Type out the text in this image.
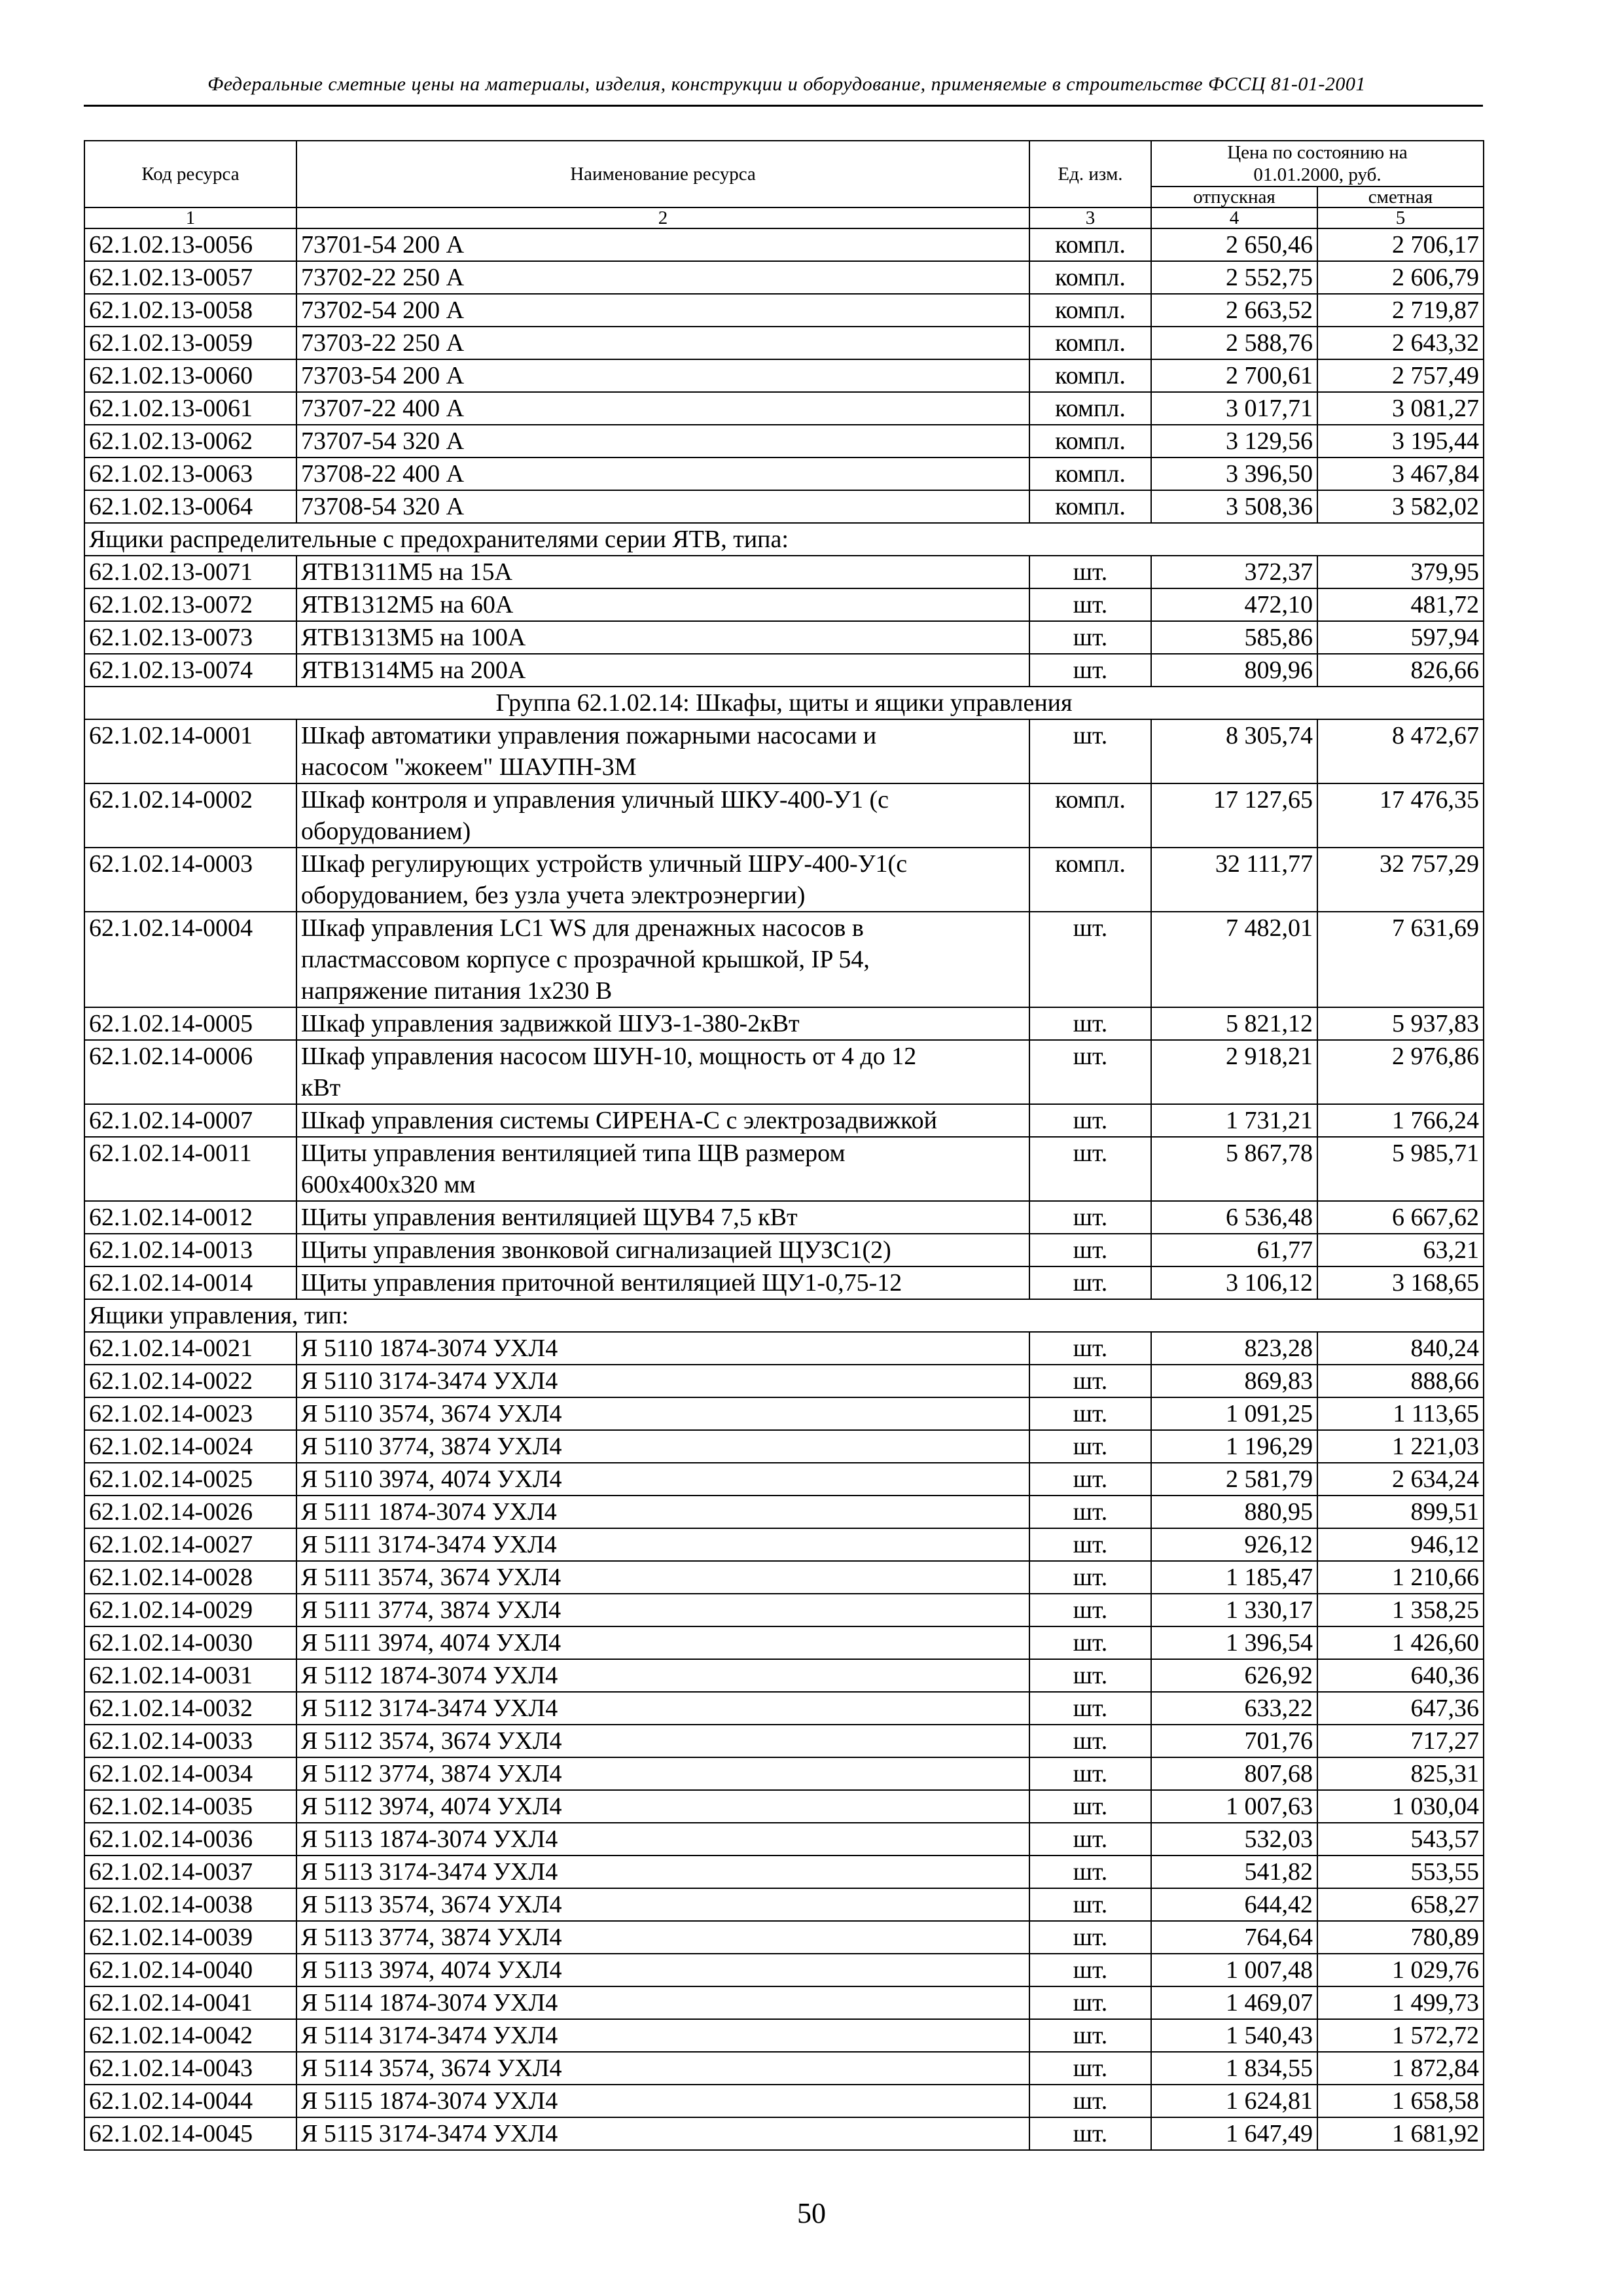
Федеральные сметные цены на материалы, изделия, конструкции и оборудование, применяемые в строительстве ФССЦ 81-01-2001
Код ресурса	Наименование ресурса	Ед. изм.	Цена по состоянию на
01.01.2000, руб.	

			отпускная	сметная
1	2	3	4	5
62.1.02.13-0056	73701-54 200 А	компл.	2 650,46	2 706,17
62.1.02.13-0057	73702-22 250 А	компл.	2 552,75	2 606,79
62.1.02.13-0058	73702-54 200 А	компл.	2 663,52	2 719,87
62.1.02.13-0059	73703-22 250 А	компл.	2 588,76	2 643,32
62.1.02.13-0060	73703-54 200 А	компл.	2 700,61	2 757,49
62.1.02.13-0061	73707-22 400 А	компл.	3 017,71	3 081,27
62.1.02.13-0062	73707-54 320 А	компл.	3 129,56	3 195,44
62.1.02.13-0063	73708-22 400 А	компл.	3 396,50	3 467,84
62.1.02.13-0064	73708-54 320 А	компл.	3 508,36	3 582,02
Ящики распределительные с предохранителями серии ЯТВ, типа:				
62.1.02.13-0071	ЯТВ1311М5 на 15А	шт.	372,37	379,95
62.1.02.13-0072	ЯТВ1312М5 на 60А	шт.	472,10	481,72
62.1.02.13-0073	ЯТВ1313М5 на 100А	шт.	585,86	597,94
62.1.02.13-0074	ЯТВ1314М5 на 200А	шт.	809,96	826,66
Группа 62.1.02.14: Шкафы, щиты и ящики управления				
62.1.02.14-0001	Шкаф автоматики управления пожарными насосами и
насосом "жокеем" ШАУПН-3М	шт.	8 305,74	8 472,67
62.1.02.14-0002	Шкаф контроля и управления уличный ШКУ-400-У1 (с
оборудованием)	компл.	17 127,65	17 476,35
62.1.02.14-0003	Шкаф регулирующих устройств уличный ШРУ-400-У1(с
оборудованием, без узла учета электроэнергии)	компл.	32 111,77	32 757,29
62.1.02.14-0004	Шкаф управления LC1 WS для дренажных насосов в
пластмассовом корпусе с прозрачной крышкой, IP 54,
напряжение питания 1х230 В	шт.	7 482,01	7 631,69
62.1.02.14-0005	Шкаф управления задвижкой ШУЗ-1-380-2кВт	шт.	5 821,12	5 937,83
62.1.02.14-0006	Шкаф управления насосом ШУН-10, мощность от 4 до 12
кВт	шт.	2 918,21	2 976,86
62.1.02.14-0007	Шкаф управления системы СИРЕНА-С с электрозадвижкой	шт.	1 731,21	1 766,24
62.1.02.14-0011	Щиты управления вентиляцией типа ЩВ размером
600х400х320 мм	шт.	5 867,78	5 985,71
62.1.02.14-0012	Щиты управления вентиляцией ЩУВ4 7,5 кВт	шт.	6 536,48	6 667,62
62.1.02.14-0013	Щиты управления звонковой сигнализацией ЩУЗС1(2)	шт.	61,77	63,21
62.1.02.14-0014	Щиты управления приточной вентиляцией ЩУ1-0,75-12	шт.	3 106,12	3 168,65
Ящики управления, тип:				
62.1.02.14-0021	Я 5110 1874-3074 УХЛ4	шт.	823,28	840,24
62.1.02.14-0022	Я 5110 3174-3474 УХЛ4	шт.	869,83	888,66
62.1.02.14-0023	Я 5110 3574, 3674 УХЛ4	шт.	1 091,25	1 113,65
62.1.02.14-0024	Я 5110 3774, 3874 УХЛ4	шт.	1 196,29	1 221,03
62.1.02.14-0025	Я 5110 3974, 4074 УХЛ4	шт.	2 581,79	2 634,24
62.1.02.14-0026	Я 5111 1874-3074 УХЛ4	шт.	880,95	899,51
62.1.02.14-0027	Я 5111 3174-3474 УХЛ4	шт.	926,12	946,12
62.1.02.14-0028	Я 5111 3574, 3674 УХЛ4	шт.	1 185,47	1 210,66
62.1.02.14-0029	Я 5111 3774, 3874 УХЛ4	шт.	1 330,17	1 358,25
62.1.02.14-0030	Я 5111 3974, 4074 УХЛ4	шт.	1 396,54	1 426,60
62.1.02.14-0031	Я 5112 1874-3074 УХЛ4	шт.	626,92	640,36
62.1.02.14-0032	Я 5112 3174-3474 УХЛ4	шт.	633,22	647,36
62.1.02.14-0033	Я 5112 3574, 3674 УХЛ4	шт.	701,76	717,27
62.1.02.14-0034	Я 5112 3774, 3874 УХЛ4	шт.	807,68	825,31
62.1.02.14-0035	Я 5112 3974, 4074 УХЛ4	шт.	1 007,63	1 030,04
62.1.02.14-0036	Я 5113 1874-3074 УХЛ4	шт.	532,03	543,57
62.1.02.14-0037	Я 5113 3174-3474 УХЛ4	шт.	541,82	553,55
62.1.02.14-0038	Я 5113 3574, 3674 УХЛ4	шт.	644,42	658,27
62.1.02.14-0039	Я 5113 3774, 3874 УХЛ4	шт.	764,64	780,89
62.1.02.14-0040	Я 5113 3974, 4074 УХЛ4	шт.	1 007,48	1 029,76
62.1.02.14-0041	Я 5114 1874-3074 УХЛ4	шт.	1 469,07	1 499,73
62.1.02.14-0042	Я 5114 3174-3474 УХЛ4	шт.	1 540,43	1 572,72
62.1.02.14-0043	Я 5114 3574, 3674 УХЛ4	шт.	1 834,55	1 872,84
62.1.02.14-0044	Я 5115 1874-3074 УХЛ4	шт.	1 624,81	1 658,58
62.1.02.14-0045	Я 5115 3174-3474 УХЛ4	шт.	1 647,49	1 681,92
50
